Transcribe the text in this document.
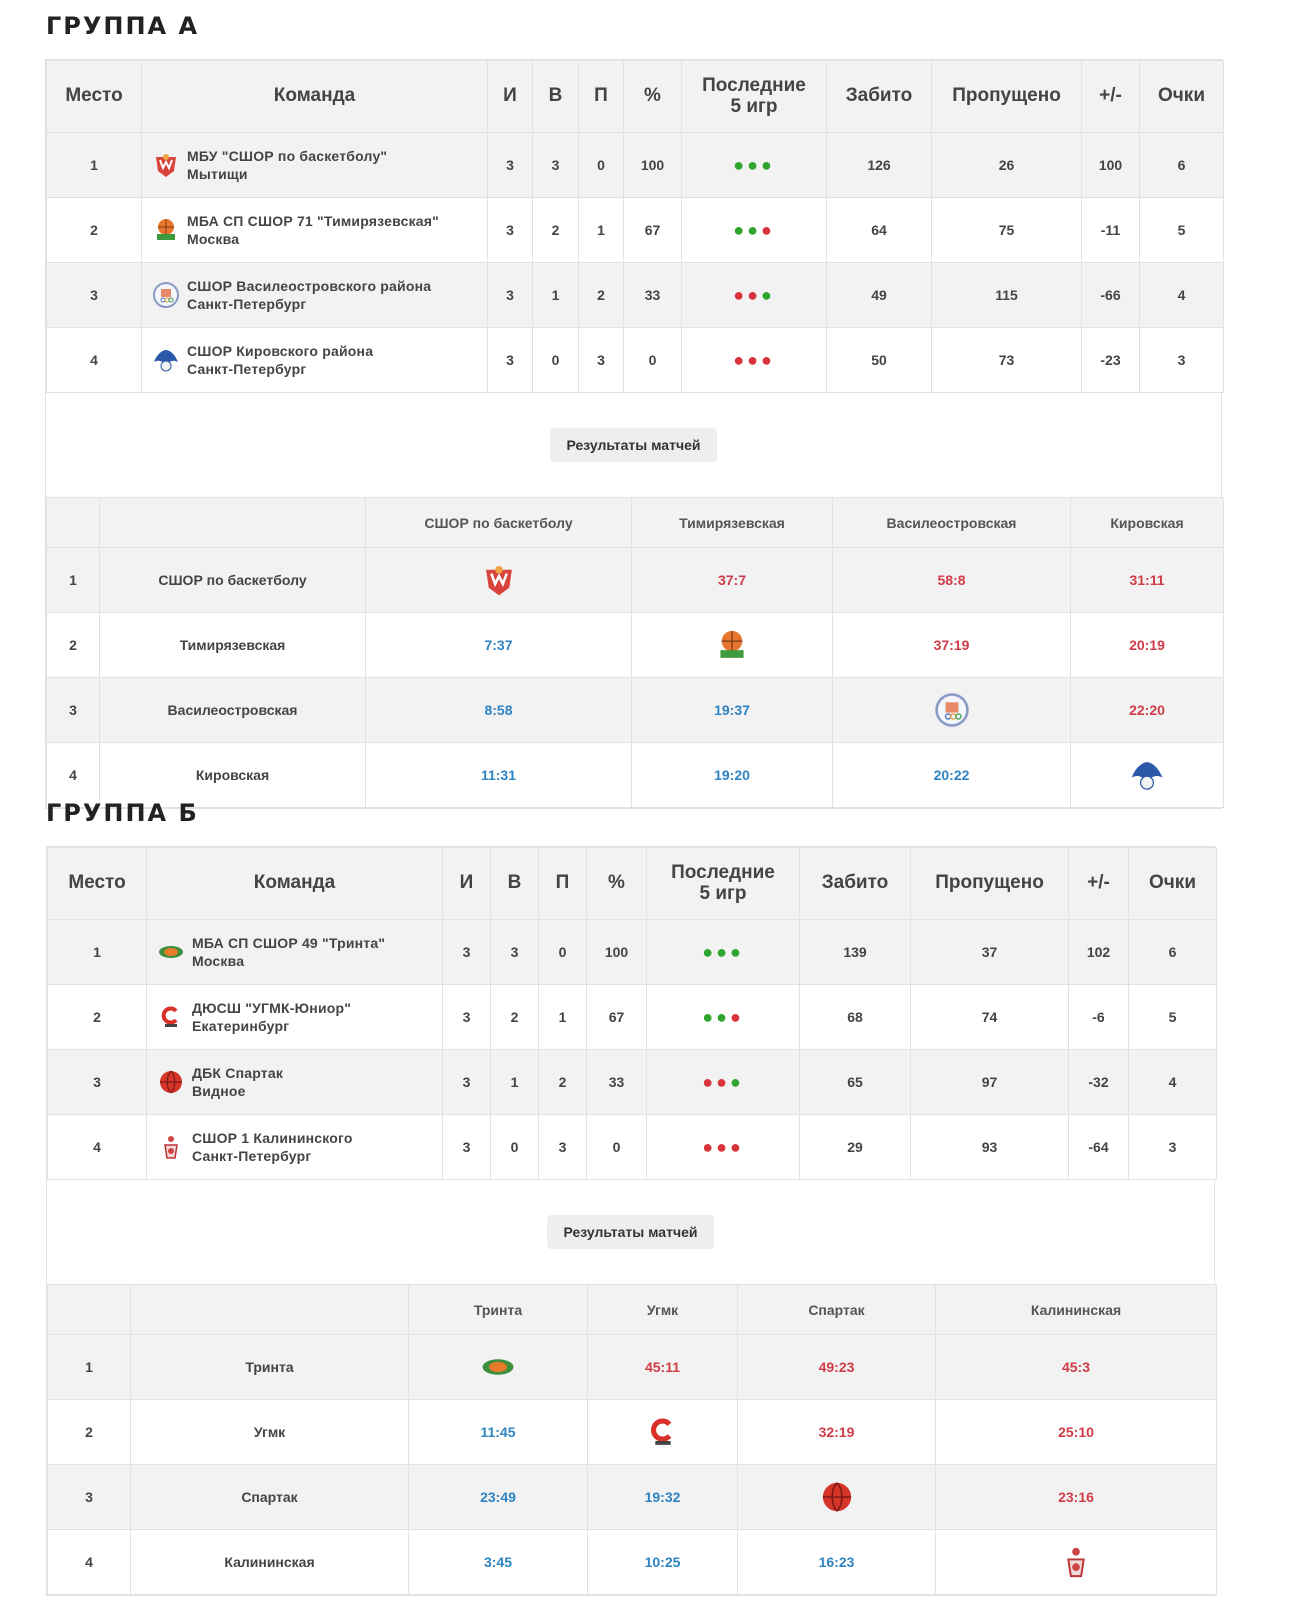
ГРУППА А
Место	Команда	И	В	П	%	Последние
5 игр	Забито	Пропущено	+/-	Очки
1	МБУ "СШОР по баскетболу"
Мытищи	3	3	0	100	●●●	126	26	100	6
2	МБА СП СШОР 71 "Тимирязевская"
Москва	3	2	1	67	●●●	64	75	-11	5
3	СШОР Василеостровского района
Санкт-Петербург	3	1	2	33	●●●	49	115	-66	4
4	СШОР Кировского района
Санкт-Петербург	3	0	3	0	●●●	50	73	-23	3
Результаты матчей
		СШОР по баскетболу	Тимирязевская	Василеостровская	Кировская
1	СШОР по баскетболу		37:7	58:8	31:11
2	Тимирязевская	7:37		37:19	20:19
3	Василеостровская	8:58	19:37		22:20
4	Кировская	11:31	19:20	20:22	
ГРУППА Б
Место	Команда	И	В	П	%	Последние
5 игр	Забито	Пропущено	+/-	Очки
1	МБА СП СШОР 49 "Тринта"
Москва	3	3	0	100	●●●	139	37	102	6
2	ДЮСШ "УГМК-Юниор"
Екатеринбург	3	2	1	67	●●●	68	74	-6	5
3	ДБК Спартак
Видное	3	1	2	33	●●●	65	97	-32	4
4	СШОР 1 Калининского
Санкт-Петербург	3	0	3	0	●●●	29	93	-64	3
Результаты матчей
		Тринта	Угмк	Спартак	Калининская
1	Тринта		45:11	49:23	45:3
2	Угмк	11:45		32:19	25:10
3	Спартак	23:49	19:32		23:16
4	Калининская	3:45	10:25	16:23	
